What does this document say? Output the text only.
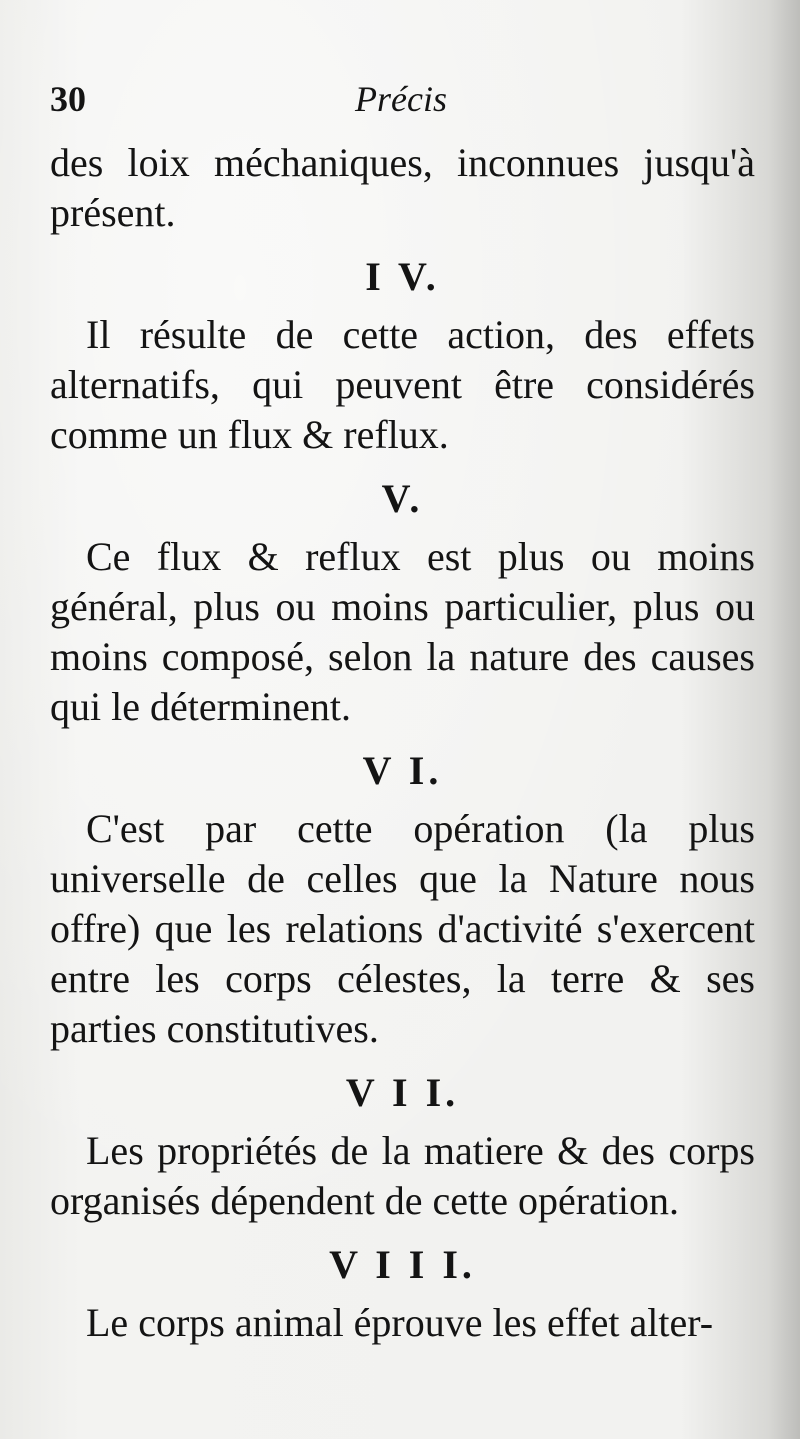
30	Précis

des loix méchaniques, inconnues jusqu'à présent.

I V.

Il résulte de cette action, des effets alternatifs, qui peuvent être considérés comme un flux & reflux.

V.

Ce flux & reflux est plus ou moins général, plus ou moins particulier, plus ou moins composé, selon la nature des causes qui le déterminent.

V I.

C'est par cette opération (la plus universelle de celles que la Nature nous offre) que les relations d'activité s'exercent entre les corps célestes, la terre & ses parties constitutives.

V I I.

Les propriétés de la matiere & des corps organisés dépendent de cette opération.

V I I I.

Le corps animal éprouve les effet alter-
